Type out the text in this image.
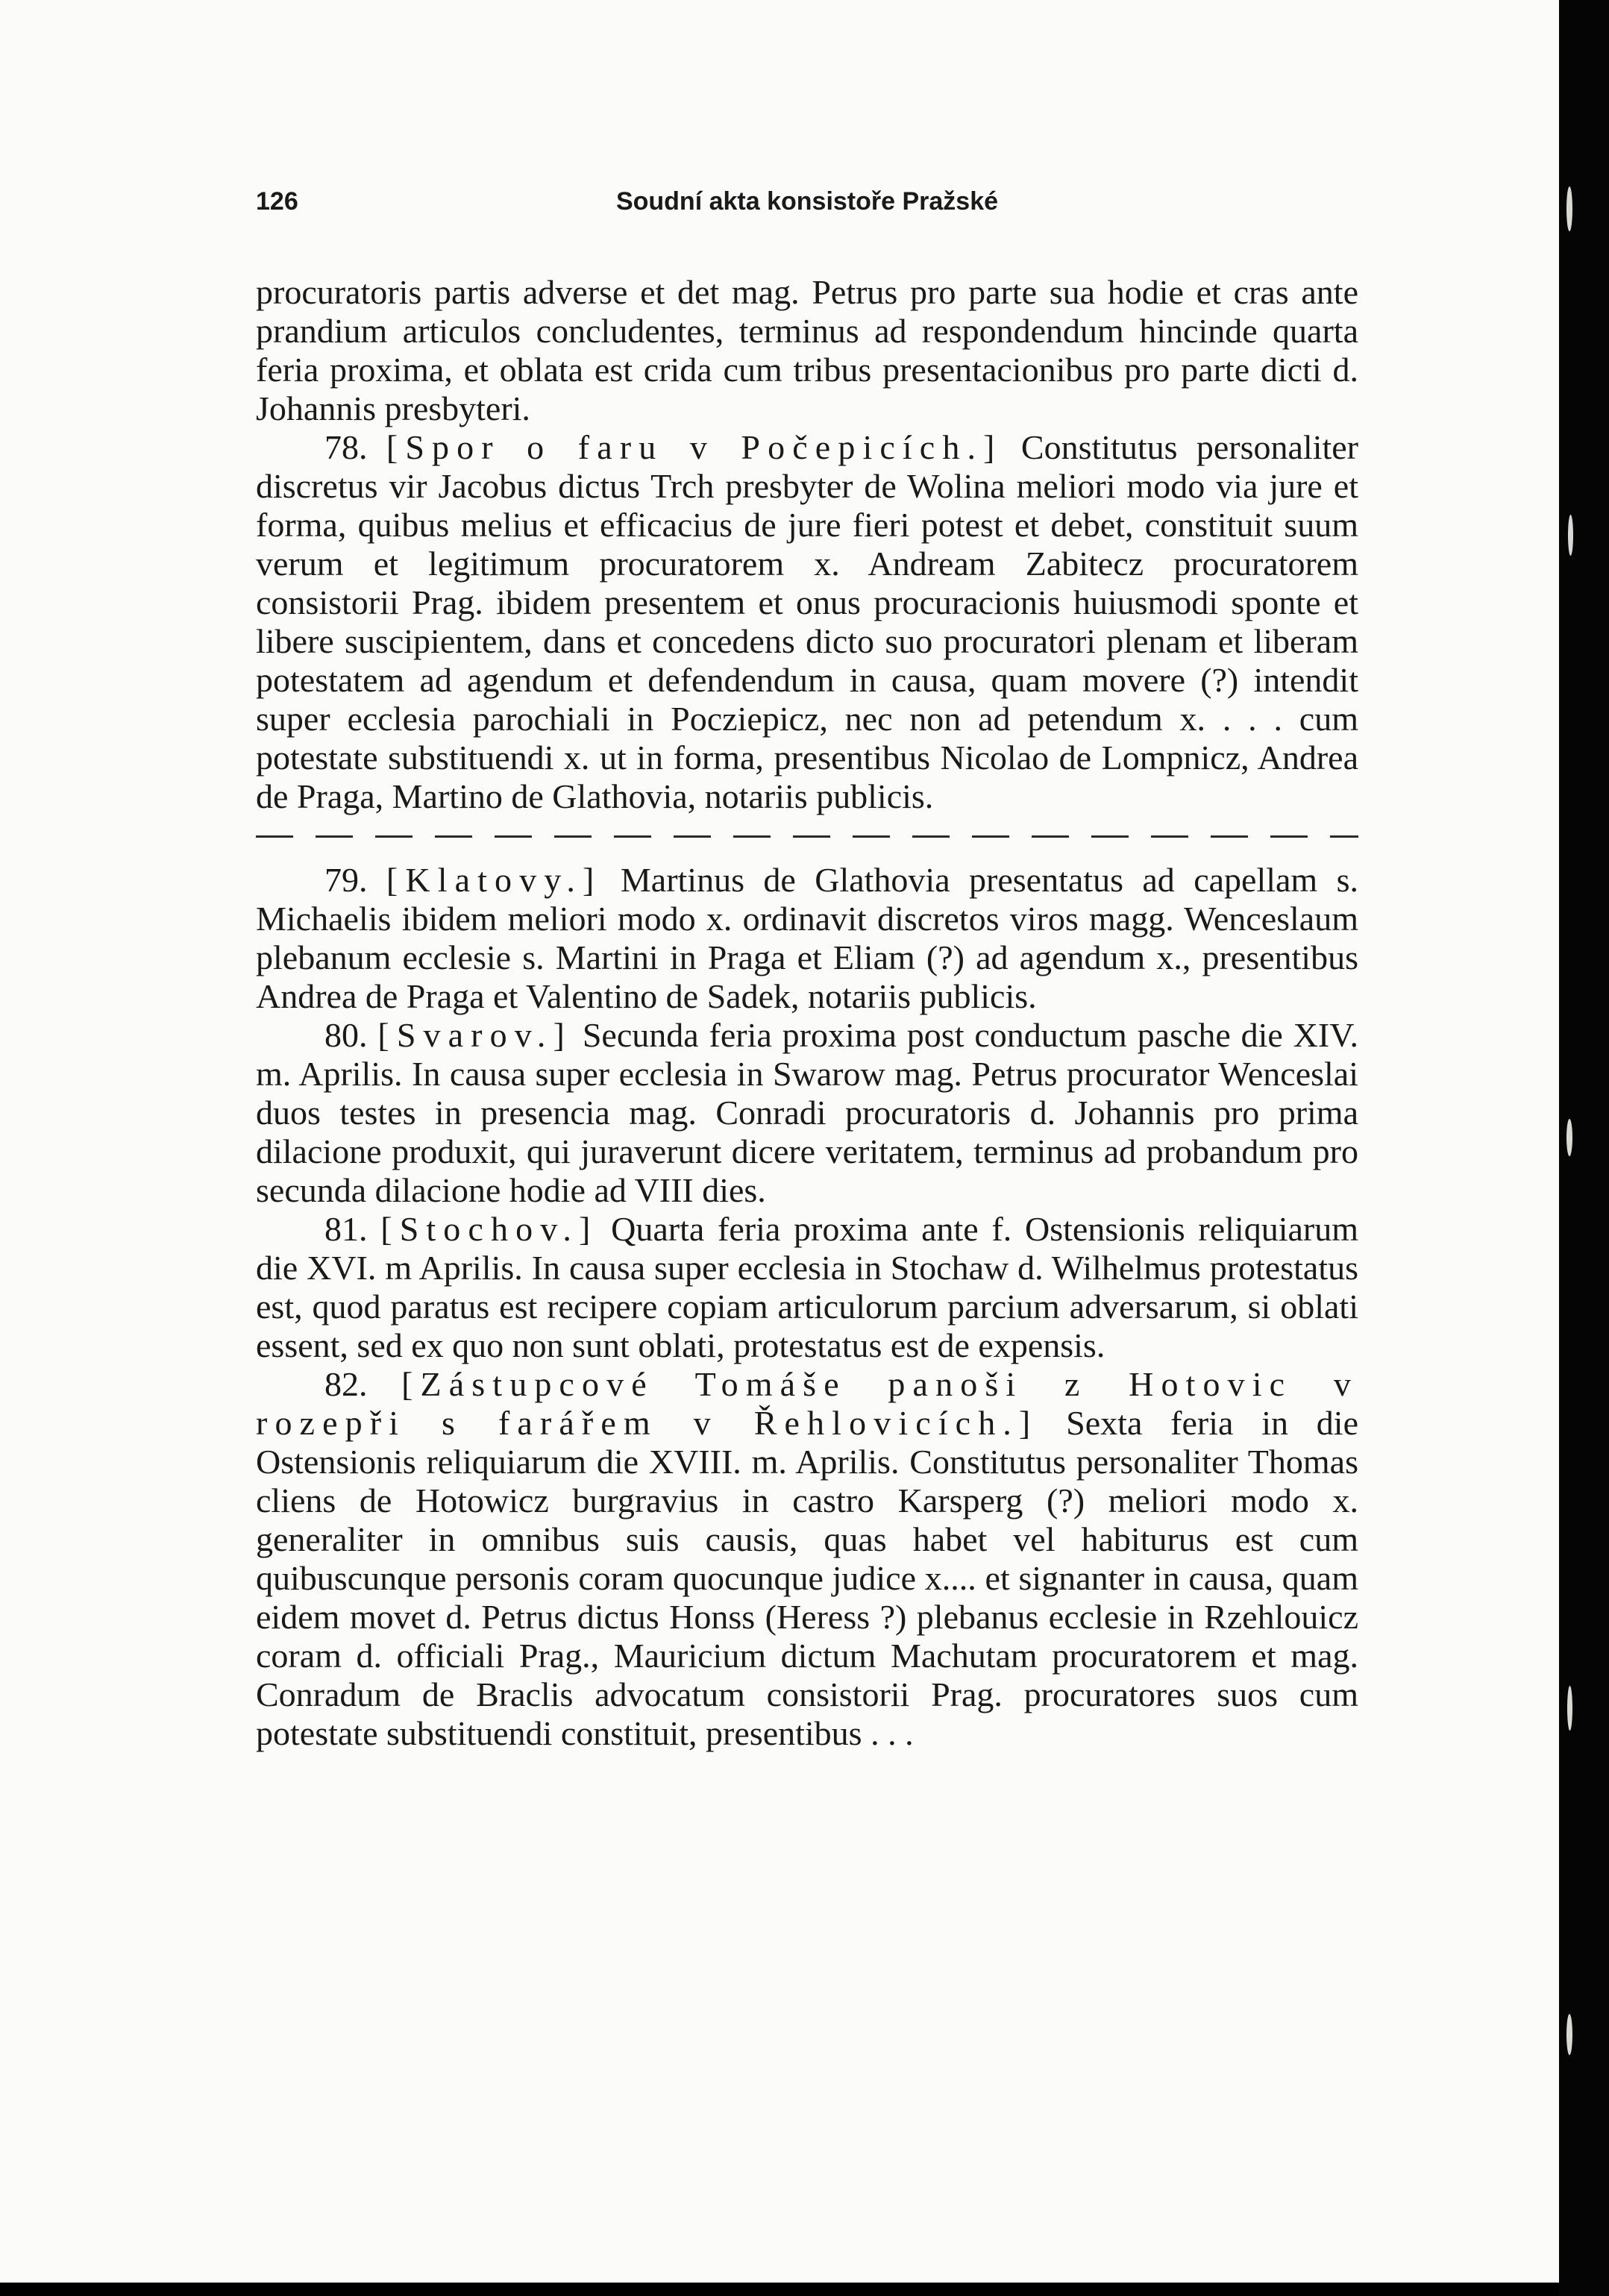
126	Soudní akta konsistoře Pražské

procuratoris partis adverse et det mag. Petrus pro parte sua hodie et cras ante prandium articulos concludentes, terminus ad respondendum hincinde quarta feria proxima, et oblata est crida cum tribus presentacionibus pro parte dicti d. Johannis presbyteri.

78. [Spor o faru v Počepicích.] Constitutus personaliter discretus vir Jacobus dictus Trch presbyter de Wolina meliori modo via jure et forma, quibus melius et efficacius de jure fieri potest et debet, constituit suum verum et legitimum procuratorem x. Andream Zabitecz procuratorem consistorii Prag. ibidem presentem et onus procuracionis huiusmodi sponte et libere suscipientem, dans et concedens dicto suo procuratori plenam et liberam potestatem ad agendum et defendendum in causa, quam movere (?) intendit super ecclesia parochiali in Pocziepicz, nec non ad petendum x. . . . cum potestate substituendi x. ut in forma, presentibus Nicolao de Lompnicz, Andrea de Praga, Martino de Glathovia, notariis publicis.

79. [Klatovy.] Martinus de Glathovia presentatus ad capellam s. Michaelis ibidem meliori modo x. ordinavit discretos viros magg. Wenceslaum plebanum ecclesie s. Martini in Praga et Eliam (?) ad agendum x., presentibus Andrea de Praga et Valentino de Sadek, notariis publicis.

80. [Svarov.] Secunda feria proxima post conductum pasche die XIV. m. Aprilis. In causa super ecclesia in Swarow mag. Petrus procurator Wenceslai duos testes in presencia mag. Conradi procuratoris d. Johannis pro prima dilacione produxit, qui juraverunt dicere veritatem, terminus ad probandum pro secunda dilacione hodie ad VIII dies.

81. [Stochov.] Quarta feria proxima ante f. Ostensionis reliquiarum die XVI. m Aprilis. In causa super ecclesia in Stochaw d. Wilhelmus protestatus est, quod paratus est recipere copiam articulorum parcium adversarum, si oblati essent, sed ex quo non sunt oblati, protestatus est de expensis.

82. [Zástupcové Tomáše panoši z Hotovic v rozepři s farářem v Řehlovicích.] Sexta feria in die Ostensionis reliquiarum die XVIII. m. Aprilis. Constitutus personaliter Thomas cliens de Hotowicz burgravius in castro Karsperg (?) meliori modo x. generaliter in omnibus suis causis, quas habet vel habiturus est cum quibuscunque personis coram quocunque judice x.... et signanter in causa, quam eidem movet d. Petrus dictus Honss (Heress ?) plebanus ecclesie in Rzehlouicz coram d. officiali Prag., Mauricium dictum Machutam procuratorem et mag. Conradum de Braclis advocatum consistorii Prag. procuratores suos cum potestate substituendi constituit, presentibus . . .
